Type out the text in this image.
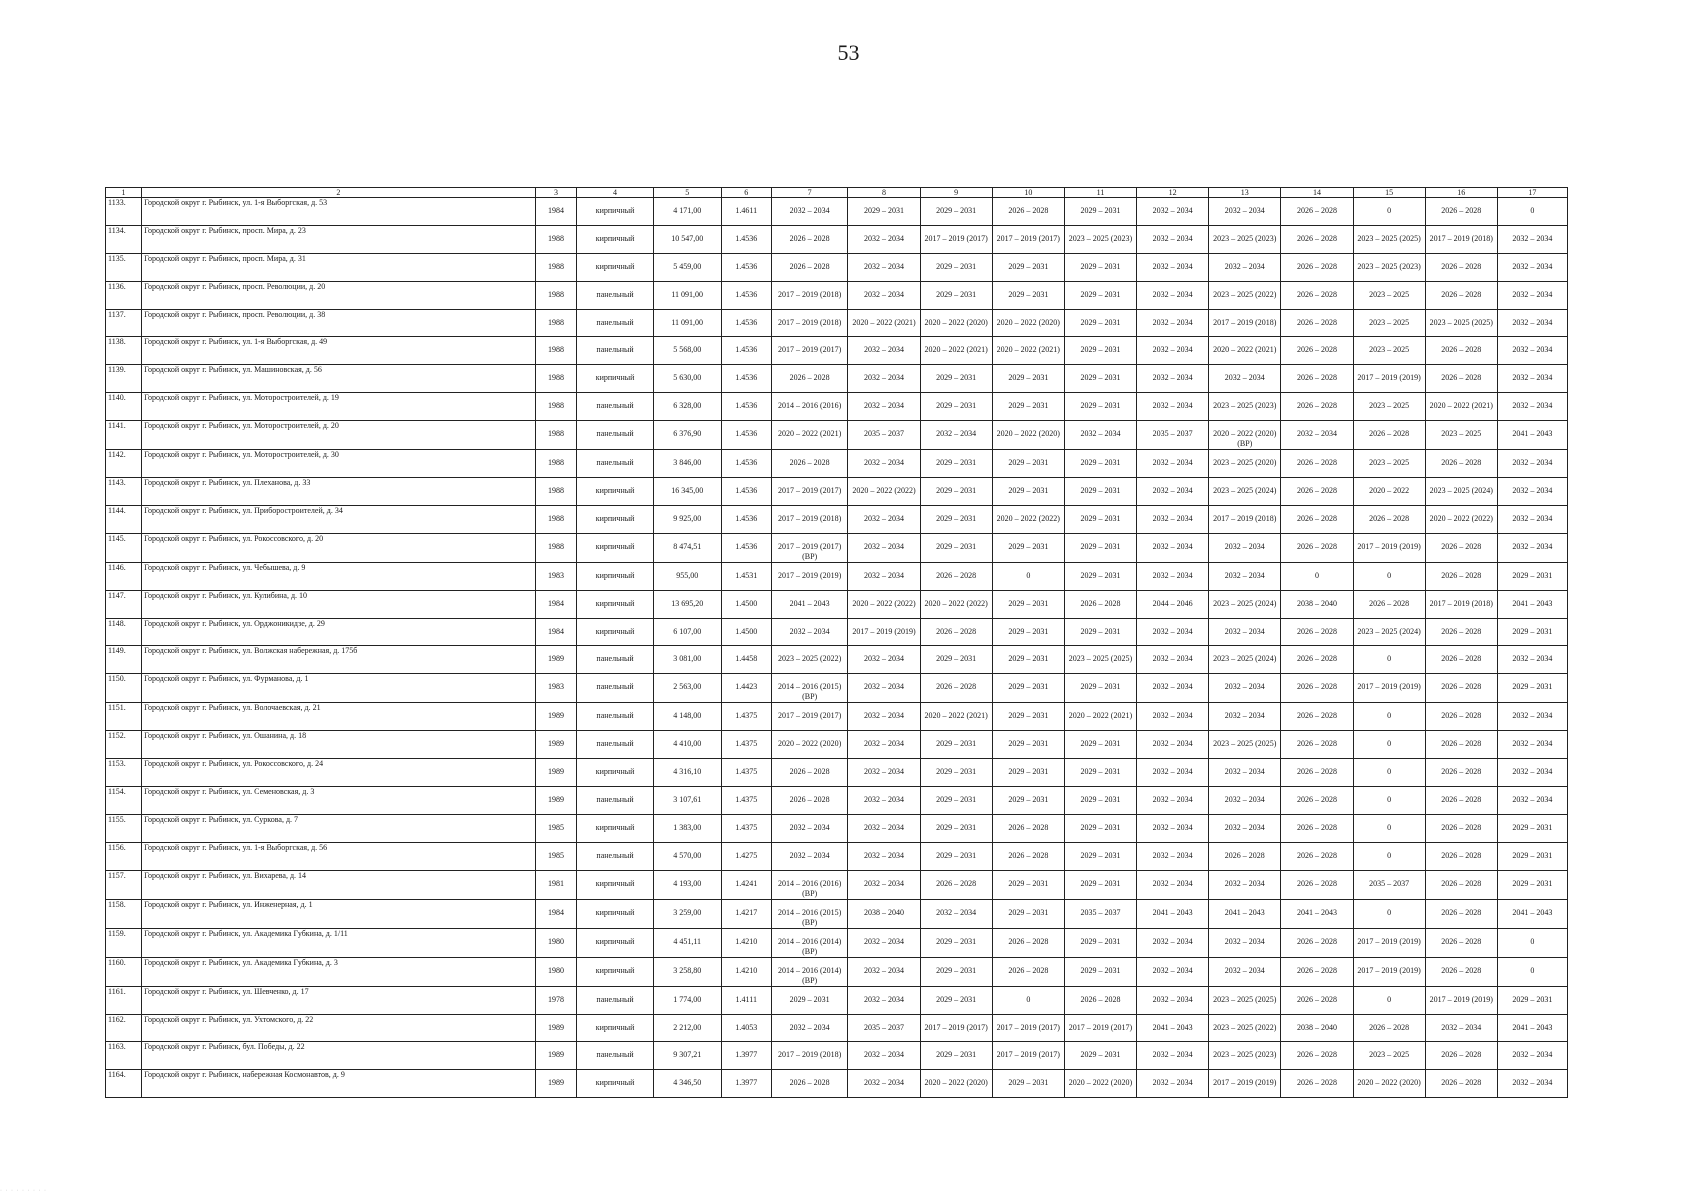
53
1	2	3	4	5	6	7	8	9	10	11	12	13	14	15	16	17
1133.	Городской округ г. Рыбинск, ул. 1-я Выборгская, д. 53	1984	кирпичный	4 171,00	1.4611	2032 – 2034	2029 – 2031	2029 – 2031	2026 – 2028	2029 – 2031	2032 – 2034	2032 – 2034	2026 – 2028	0	2026 – 2028	0
1134.	Городской округ г. Рыбинск, просп. Мира, д. 23	1988	кирпичный	10 547,00	1.4536	2026 – 2028	2032 – 2034	2017 – 2019 (2017)	2017 – 2019 (2017)	2023 – 2025 (2023)	2032 – 2034	2023 – 2025 (2023)	2026 – 2028	2023 – 2025 (2025)	2017 – 2019 (2018)	2032 – 2034
1135.	Городской округ г. Рыбинск, просп. Мира, д. 31	1988	кирпичный	5 459,00	1.4536	2026 – 2028	2032 – 2034	2029 – 2031	2029 – 2031	2029 – 2031	2032 – 2034	2032 – 2034	2026 – 2028	2023 – 2025 (2023)	2026 – 2028	2032 – 2034
1136.	Городской округ г. Рыбинск, просп. Революции, д. 20	1988	панельный	11 091,00	1.4536	2017 – 2019 (2018)	2032 – 2034	2029 – 2031	2029 – 2031	2029 – 2031	2032 – 2034	2023 – 2025 (2022)	2026 – 2028	2023 – 2025	2026 – 2028	2032 – 2034
1137.	Городской округ г. Рыбинск, просп. Революции, д. 38	1988	панельный	11 091,00	1.4536	2017 – 2019 (2018)	2020 – 2022 (2021)	2020 – 2022 (2020)	2020 – 2022 (2020)	2029 – 2031	2032 – 2034	2017 – 2019 (2018)	2026 – 2028	2023 – 2025	2023 – 2025 (2025)	2032 – 2034
1138.	Городской округ г. Рыбинск, ул. 1-я Выборгская, д. 49	1988	панельный	5 568,00	1.4536	2017 – 2019 (2017)	2032 – 2034	2020 – 2022 (2021)	2020 – 2022 (2021)	2029 – 2031	2032 – 2034	2020 – 2022 (2021)	2026 – 2028	2023 – 2025	2026 – 2028	2032 – 2034
1139.	Городской округ г. Рыбинск, ул. Машиновская, д. 56	1988	кирпичный	5 630,00	1.4536	2026 – 2028	2032 – 2034	2029 – 2031	2029 – 2031	2029 – 2031	2032 – 2034	2032 – 2034	2026 – 2028	2017 – 2019 (2019)	2026 – 2028	2032 – 2034
1140.	Городской округ г. Рыбинск, ул. Моторостроителей, д. 19	1988	панельный	6 328,00	1.4536	2014 – 2016 (2016)	2032 – 2034	2029 – 2031	2029 – 2031	2029 – 2031	2032 – 2034	2023 – 2025 (2023)	2026 – 2028	2023 – 2025	2020 – 2022 (2021)	2032 – 2034
1141.	Городской округ г. Рыбинск, ул. Моторостроителей, д. 20	1988	панельный	6 376,90	1.4536	2020 – 2022 (2021)	2035 – 2037	2032 – 2034	2020 – 2022 (2020)	2032 – 2034	2035 – 2037	2020 – 2022 (2020) (ВР)	2032 – 2034	2026 – 2028	2023 – 2025	2041 – 2043
1142.	Городской округ г. Рыбинск, ул. Моторостроителей, д. 30	1988	панельный	3 846,00	1.4536	2026 – 2028	2032 – 2034	2029 – 2031	2029 – 2031	2029 – 2031	2032 – 2034	2023 – 2025 (2020)	2026 – 2028	2023 – 2025	2026 – 2028	2032 – 2034
1143.	Городской округ г. Рыбинск, ул. Плеханова, д. 33	1988	кирпичный	16 345,00	1.4536	2017 – 2019 (2017)	2020 – 2022 (2022)	2029 – 2031	2029 – 2031	2029 – 2031	2032 – 2034	2023 – 2025 (2024)	2026 – 2028	2020 – 2022	2023 – 2025 (2024)	2032 – 2034
1144.	Городской округ г. Рыбинск, ул. Приборостроителей, д. 34	1988	кирпичный	9 925,00	1.4536	2017 – 2019 (2018)	2032 – 2034	2029 – 2031	2020 – 2022 (2022)	2029 – 2031	2032 – 2034	2017 – 2019 (2018)	2026 – 2028	2026 – 2028	2020 – 2022 (2022)	2032 – 2034
1145.	Городской округ г. Рыбинск, ул. Рокоссовского, д. 20	1988	кирпичный	8 474,51	1.4536	2017 – 2019 (2017) (ВР)	2032 – 2034	2029 – 2031	2029 – 2031	2029 – 2031	2032 – 2034	2032 – 2034	2026 – 2028	2017 – 2019 (2019)	2026 – 2028	2032 – 2034
1146.	Городской округ г. Рыбинск, ул. Чебышева, д. 9	1983	кирпичный	955,00	1.4531	2017 – 2019 (2019)	2032 – 2034	2026 – 2028	0	2029 – 2031	2032 – 2034	2032 – 2034	0	0	2026 – 2028	2029 – 2031
1147.	Городской округ г. Рыбинск, ул. Кулибина, д. 10	1984	кирпичный	13 695,20	1.4500	2041 – 2043	2020 – 2022 (2022)	2020 – 2022 (2022)	2029 – 2031	2026 – 2028	2044 – 2046	2023 – 2025 (2024)	2038 – 2040	2026 – 2028	2017 – 2019 (2018)	2041 – 2043
1148.	Городской округ г. Рыбинск, ул. Орджоникидзе, д. 29	1984	кирпичный	6 107,00	1.4500	2032 – 2034	2017 – 2019 (2019)	2026 – 2028	2029 – 2031	2029 – 2031	2032 – 2034	2032 – 2034	2026 – 2028	2023 – 2025 (2024)	2026 – 2028	2029 – 2031
1149.	Городской округ г. Рыбинск, ул. Волжская набережная, д. 175б	1989	панельный	3 081,00	1.4458	2023 – 2025 (2022)	2032 – 2034	2029 – 2031	2029 – 2031	2023 – 2025 (2025)	2032 – 2034	2023 – 2025 (2024)	2026 – 2028	0	2026 – 2028	2032 – 2034
1150.	Городской округ г. Рыбинск, ул. Фурманова, д. 1	1983	панельный	2 563,00	1.4423	2014 – 2016 (2015) (ВР)	2032 – 2034	2026 – 2028	2029 – 2031	2029 – 2031	2032 – 2034	2032 – 2034	2026 – 2028	2017 – 2019 (2019)	2026 – 2028	2029 – 2031
1151.	Городской округ г. Рыбинск, ул. Волочаевская, д. 21	1989	панельный	4 148,00	1.4375	2017 – 2019 (2017)	2032 – 2034	2020 – 2022 (2021)	2029 – 2031	2020 – 2022 (2021)	2032 – 2034	2032 – 2034	2026 – 2028	0	2026 – 2028	2032 – 2034
1152.	Городской округ г. Рыбинск, ул. Ошанина, д. 18	1989	панельный	4 410,00	1.4375	2020 – 2022 (2020)	2032 – 2034	2029 – 2031	2029 – 2031	2029 – 2031	2032 – 2034	2023 – 2025 (2025)	2026 – 2028	0	2026 – 2028	2032 – 2034
1153.	Городской округ г. Рыбинск, ул. Рокоссовского, д. 24	1989	кирпичный	4 316,10	1.4375	2026 – 2028	2032 – 2034	2029 – 2031	2029 – 2031	2029 – 2031	2032 – 2034	2032 – 2034	2026 – 2028	0	2026 – 2028	2032 – 2034
1154.	Городской округ г. Рыбинск, ул. Семеновская, д. 3	1989	панельный	3 107,61	1.4375	2026 – 2028	2032 – 2034	2029 – 2031	2029 – 2031	2029 – 2031	2032 – 2034	2032 – 2034	2026 – 2028	0	2026 – 2028	2032 – 2034
1155.	Городской округ г. Рыбинск, ул. Суркова, д. 7	1985	кирпичный	1 383,00	1.4375	2032 – 2034	2032 – 2034	2029 – 2031	2026 – 2028	2029 – 2031	2032 – 2034	2032 – 2034	2026 – 2028	0	2026 – 2028	2029 – 2031
1156.	Городской округ г. Рыбинск, ул. 1-я Выборгская, д. 56	1985	панельный	4 570,00	1.4275	2032 – 2034	2032 – 2034	2029 – 2031	2026 – 2028	2029 – 2031	2032 – 2034	2026 – 2028	2026 – 2028	0	2026 – 2028	2029 – 2031
1157.	Городской округ г. Рыбинск, ул. Вихарева, д. 14	1981	кирпичный	4 193,00	1.4241	2014 – 2016 (2016) (ВР)	2032 – 2034	2026 – 2028	2029 – 2031	2029 – 2031	2032 – 2034	2032 – 2034	2026 – 2028	2035 – 2037	2026 – 2028	2029 – 2031
1158.	Городской округ г. Рыбинск, ул. Инженерная, д. 1	1984	кирпичный	3 259,00	1.4217	2014 – 2016 (2015) (ВР)	2038 – 2040	2032 – 2034	2029 – 2031	2035 – 2037	2041 – 2043	2041 – 2043	2041 – 2043	0	2026 – 2028	2041 – 2043
1159.	Городской округ г. Рыбинск, ул. Академика Губкина, д. 1/11	1980	кирпичный	4 451,11	1.4210	2014 – 2016 (2014) (ВР)	2032 – 2034	2029 – 2031	2026 – 2028	2029 – 2031	2032 – 2034	2032 – 2034	2026 – 2028	2017 – 2019 (2019)	2026 – 2028	0
1160.	Городской округ г. Рыбинск, ул. Академика Губкина, д. 3	1980	кирпичный	3 258,80	1.4210	2014 – 2016 (2014) (ВР)	2032 – 2034	2029 – 2031	2026 – 2028	2029 – 2031	2032 – 2034	2032 – 2034	2026 – 2028	2017 – 2019 (2019)	2026 – 2028	0
1161.	Городской округ г. Рыбинск, ул. Шевченко, д. 17	1978	панельный	1 774,00	1.4111	2029 – 2031	2032 – 2034	2029 – 2031	0	2026 – 2028	2032 – 2034	2023 – 2025 (2025)	2026 – 2028	0	2017 – 2019 (2019)	2029 – 2031
1162.	Городской округ г. Рыбинск, ул. Ухтомского, д. 22	1989	кирпичный	2 212,00	1.4053	2032 – 2034	2035 – 2037	2017 – 2019 (2017)	2017 – 2019 (2017)	2017 – 2019 (2017)	2041 – 2043	2023 – 2025 (2022)	2038 – 2040	2026 – 2028	2032 – 2034	2041 – 2043
1163.	Городской округ г. Рыбинск, бул. Победы, д. 22	1989	панельный	9 307,21	1.3977	2017 – 2019 (2018)	2032 – 2034	2029 – 2031	2017 – 2019 (2017)	2029 – 2031	2032 – 2034	2023 – 2025 (2023)	2026 – 2028	2023 – 2025	2026 – 2028	2032 – 2034
1164.	Городской округ г. Рыбинск, набережная Космонавтов, д. 9	1989	кирпичный	4 346,50	1.3977	2026 – 2028	2032 – 2034	2020 – 2022 (2020)	2029 – 2031	2020 – 2022 (2020)	2032 – 2034	2017 – 2019 (2019)	2026 – 2028	2020 – 2022 (2020)	2026 – 2028	2032 – 2034
· · · · · · · · ·
